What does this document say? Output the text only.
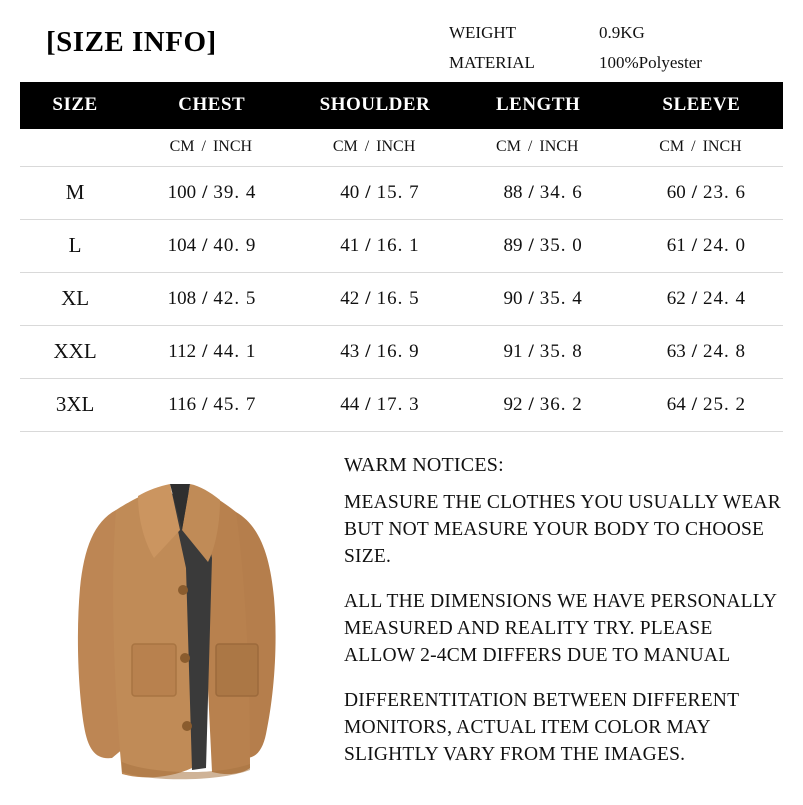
[SIZE INFO]	WEIGHT	0.9KG
MATERIAL	100%Polyester
SIZE	CHEST	SHOULDER	LENGTH	SLEEVE
	CM / INCH	CM / INCH	CM / INCH	CM / INCH
M	100 / 39. 4	40 / 15. 7	88 / 34. 6	60 / 23. 6
L	104 / 40. 9	41 / 16. 1	89 / 35. 0	61 / 24. 0
XL	108 / 42. 5	42 / 16. 5	90 / 35. 4	62 / 24. 4
XXL	112 / 44. 1	43 / 16. 9	91 / 35. 8	63 / 24. 8
3XL	116 / 45. 7	44 / 17. 3	92 / 36. 2	64 / 25. 2
WARM NOTICES:

MEASURE THE CLOTHES YOU USUALLY WEAR BUT NOT MEASURE YOUR BODY TO CHOOSE SIZE.

ALL THE DIMENSIONS WE HAVE PERSONALLY MEASURED AND REALITY TRY. PLEASE ALLOW 2-4CM DIFFERS DUE TO MANUAL

DIFFERENTITATION BETWEEN DIFFERENT MONITORS, ACTUAL ITEM COLOR MAY SLIGHTLY VARY FROM THE IMAGES.
